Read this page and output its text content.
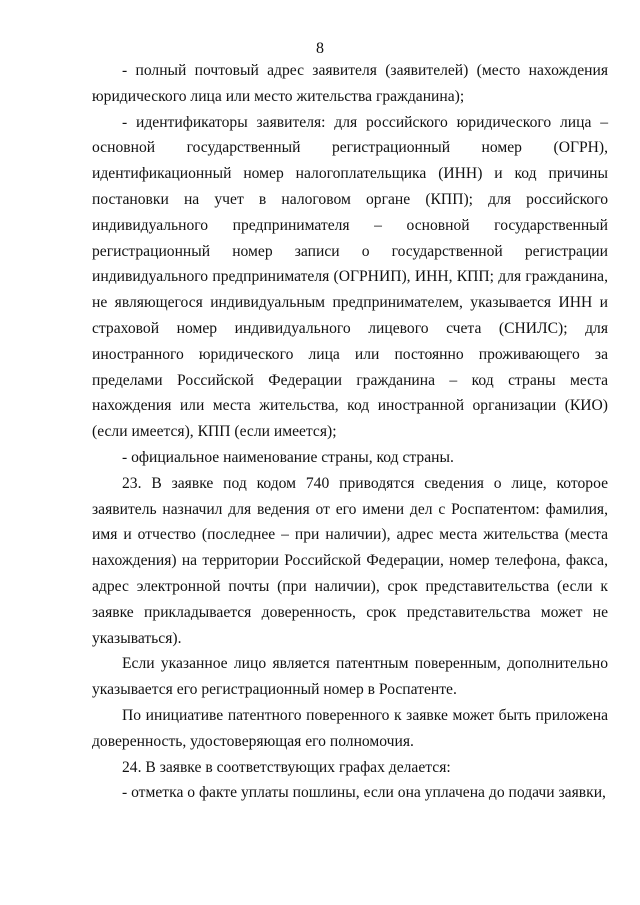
8

- полный почтовый адрес заявителя (заявителей) (место нахождения юридического лица или место жительства гражданина);

- идентификаторы заявителя: для российского юридического лица – основной государственный регистрационный номер (ОГРН), идентификационный номер налогоплательщика (ИНН) и код причины постановки на учет в налоговом органе (КПП); для российского индивидуального предпринимателя – основной государственный регистрационный номер записи о государственной регистрации индивидуального предпринимателя (ОГРНИП), ИНН, КПП; для гражданина, не являющегося индивидуальным предпринимателем, указывается ИНН и страховой номер индивидуального лицевого счета (СНИЛС); для иностранного юридического лица или постоянно проживающего за пределами Российской Федерации гражданина – код страны места нахождения или места жительства, код иностранной организации (КИО) (если имеется), КПП (если имеется);

- официальное наименование страны, код страны.

23. В заявке под кодом 740 приводятся сведения о лице, которое заявитель назначил для ведения от его имени дел с Роспатентом: фамилия, имя и отчество (последнее – при наличии), адрес места жительства (места нахождения) на территории Российской Федерации, номер телефона, факса, адрес электронной почты (при наличии), срок представительства (если к заявке прикладывается доверенность, срок представительства может не указываться).

Если указанное лицо является патентным поверенным, дополнительно указывается его регистрационный номер в Роспатенте.

По инициативе патентного поверенного к заявке может быть приложена доверенность, удостоверяющая его полномочия.

24. В заявке в соответствующих графах делается:

- отметка о факте уплаты пошлины, если она уплачена до подачи заявки,
